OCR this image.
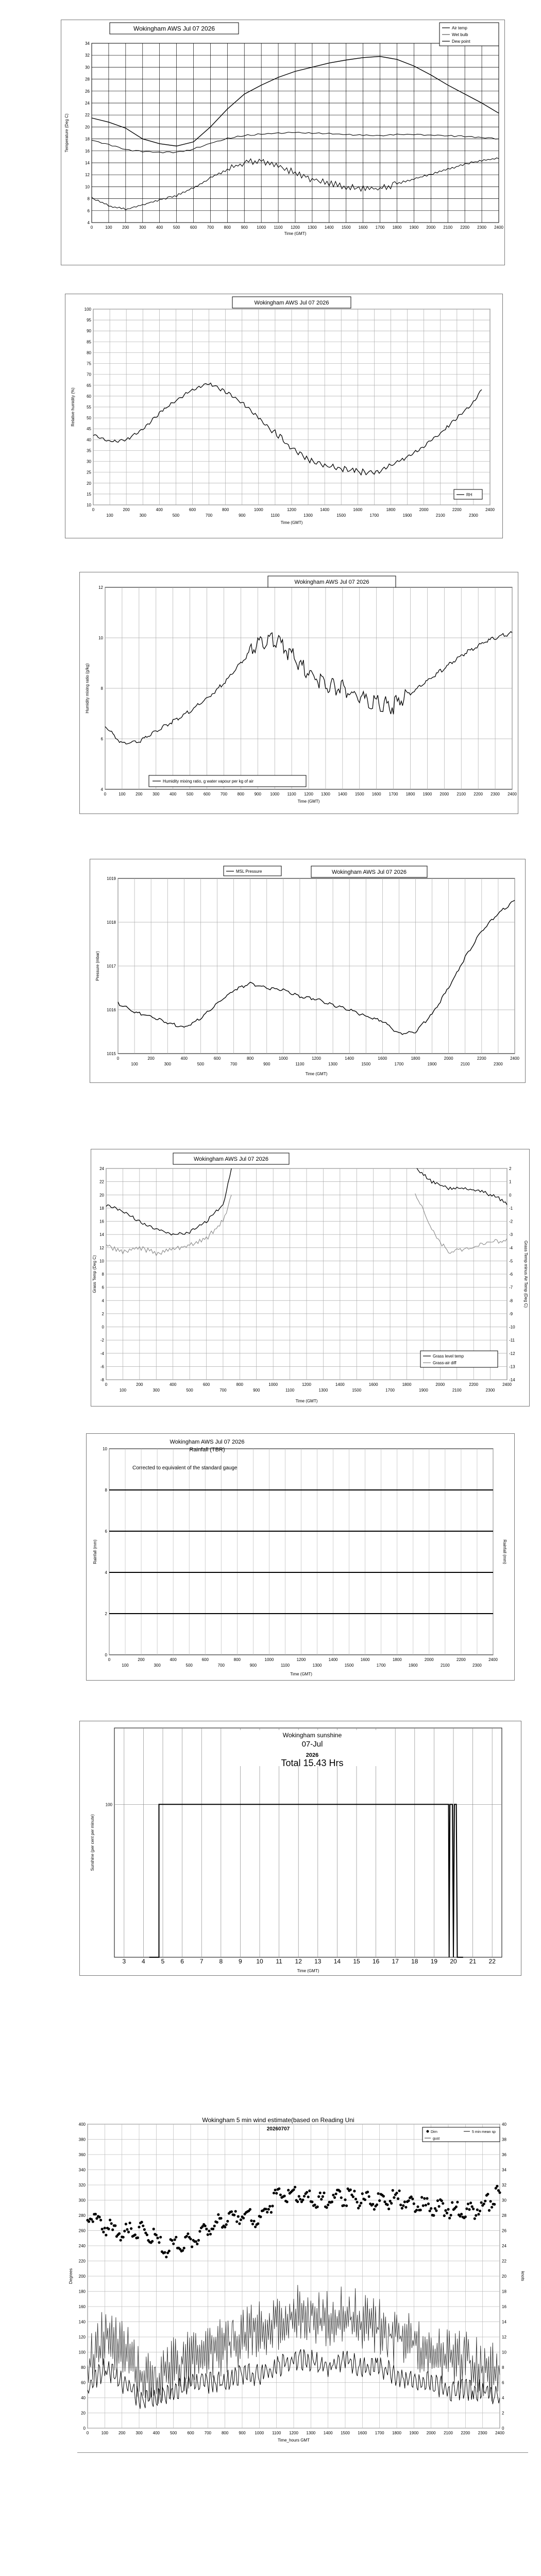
4
6
8
10
12
14
16
18
20
22
24
26
28
30
32
34
0	100 200 300 400 500 600 700 800 900 1000 1100 1200 1300 1400 1500 1600 1700 1800 1900 2000 2100 2200 2300 2400
Time (GMT)
Temperature (Deg C)
Wokingham AWS Jul 07 2026	Air temp
Wet bulb
Dew point
10
15
20
25
30
35
40
45
50
55
60
65
70
75
80
85
90
95
100
0	200	400	600	800	1000	1200	1400	1600	1800	2000	2200	2400
100	300	500	700	900	1100	1300	1500	1700	1900	2100	2300
Time (GMT)
Relative humidity (%)
Wokingham AWS Jul 07 2026
RH
4
6
8
10
12
0	100 200 300 400 500 600 700 800 900 1000 1100 1200 1300 1400 1500 1600 1700 1800 1900 2000 2100 2200 2300 2400
Time (GMT)
Humidity mixing ratio (g/kg)
Wokingham AWS Jul 07 2026
Humidity mixing ratio, g water vapour per kg of air
1015
1016
1017
1018
1019
0	200	400	600	800	1000	1200	1400	1600	1800	2000	2200	2400
100	300	500	700	900	1100	1300	1500	1700	1900	2100	2300
Time (GMT)
Pressure (mbar)
Wokingham AWS Jul 07 2026
MSL Pressure
-8
-6
-4
-2
0
2
4
6
8
10
12
14
16
18
20
22
24
-14
-13
-12
-11
-10
-9
-8
-7
-6
-5
-4
-3
-2
-1
0
1
2
0	200	400	600	800	1000	1200	1400	1600	1800	2000	2200	2400
100	300	500	700	900	1100	1300	1500	1700	1900	2100	2300
Time (GMT)
Grass Temp (Deg C)	Grass Temp minus Air Temp (Deg C)
Wokingham AWS Jul 07 2026
Grass level temp
Grass-air diff
0
2
4
6
8
10
0	200	400	600	800	1000	1200	1400	1600	1800	2000	2200	2400
100	300	500	700	900	1100	1300	1500	1700	1900	2100	2300
Time (GMT)
Rainfall (mm)	Rainfall (mm)
Wokingham AWS Jul 07 2026
Rainfall (TBR)
Corrected to equivalent of the standard gauge
100
3	4	5	6	7	8	9 10 11 12 13 14 15 16 17 18 19 20 21 22
Time (GMT)
Sunshine (per cent per minute)
Wokingham sunshine
07-Jul
2026
Total 15.43 Hrs
0
20
40
60
80
100
120
140
160
180
200
220
240
260
280
300
320
340
360
380
400
0
2
4
6
8
10
12
14
16
18
20
22
24
26
28
30
32
34
36
38
40
0	100 200 300 400 500 600 700 800 900 1000 1100 1200 1300 1400 1500 1600 1700 1800 1900 2000 2100 2200 2300 2400
Time_hours GMT
Degrees	knots
Wokingham 5 min wind estimate(based on Reading Uni
20260707
Dirn	5 min mean sp
gust
